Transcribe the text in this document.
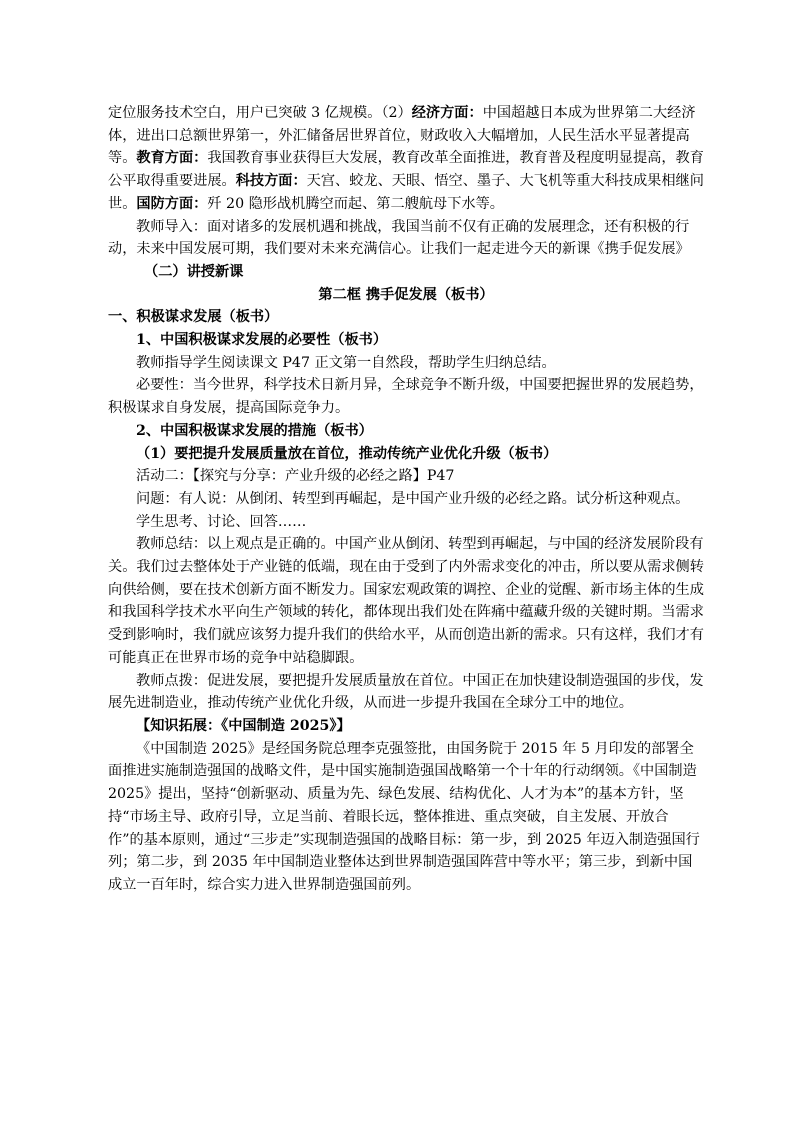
定位服务技术空白，用户已突破 3 亿规模。（2）经济方面：中国超越日本成为世界第二大经济体，进出口总额世界第一，外汇储备居世界首位，财政收入大幅增加，人民生活水平显著提高等。教育方面：我国教育事业获得巨大发展，教育改革全面推进，教育普及程度明显提高，教育公平取得重要进展。科技方面：天宫、蛟龙、天眼、悟空、墨子、大飞机等重大科技成果相继问世。国防方面：歼 20 隐形战机腾空而起、第二艘航母下水等。

教师导入：面对诸多的发展机遇和挑战，我国当前不仅有正确的发展理念，还有积极的行动，未来中国发展可期，我们要对未来充满信心。让我们一起走进今天的新课《携手促发展》

（二）讲授新课

第二框 携手促发展（板书）

一、积极谋求发展（板书）

1、中国积极谋求发展的必要性（板书）

教师指导学生阅读课文 P47 正文第一自然段，帮助学生归纳总结。

必要性：当今世界，科学技术日新月异，全球竞争不断升级，中国要把握世界的发展趋势，积极谋求自身发展，提高国际竞争力。

2、中国积极谋求发展的措施（板书）

（1）要把提升发展质量放在首位，推动传统产业优化升级（板书）

活动二：【探究与分享：产业升级的必经之路】P47

问题：有人说：从倒闭、转型到再崛起，是中国产业升级的必经之路。试分析这种观点。

学生思考、讨论、回答……

教师总结：以上观点是正确的。中国产业从倒闭、转型到再崛起，与中国的经济发展阶段有关。我们过去整体处于产业链的低端，现在由于受到了内外需求变化的冲击，所以要从需求侧转向供给侧，要在技术创新方面不断发力。国家宏观政策的调控、企业的觉醒、新市场主体的生成和我国科学技术水平向生产领域的转化，都体现出我们处在阵痛中蕴藏升级的关键时期。当需求受到影响时，我们就应该努力提升我们的供给水平，从而创造出新的需求。只有这样，我们才有可能真正在世界市场的竞争中站稳脚跟。

教师点拨：促进发展，要把提升发展质量放在首位。中国正在加快建设制造强国的步伐，发展先进制造业，推动传统产业优化升级，从而进一步提升我国在全球分工中的地位。

【知识拓展：《中国制造 2025》】

《中国制造 2025》是经国务院总理李克强签批，由国务院于 2015 年 5 月印发的部署全面推进实施制造强国的战略文件，是中国实施制造强国战略第一个十年的行动纲领。《中国制造 2025》提出，坚持“创新驱动、质量为先、绿色发展、结构优化、人才为本”的基本方针，坚持“市场主导、政府引导，立足当前、着眼长远，整体推进、重点突破，自主发展、开放合作”的基本原则，通过“三步走”实现制造强国的战略目标：第一步，到 2025 年迈入制造强国行列；第二步，到 2035 年中国制造业整体达到世界制造强国阵营中等水平；第三步，到新中国成立一百年时，综合实力进入世界制造强国前列。
